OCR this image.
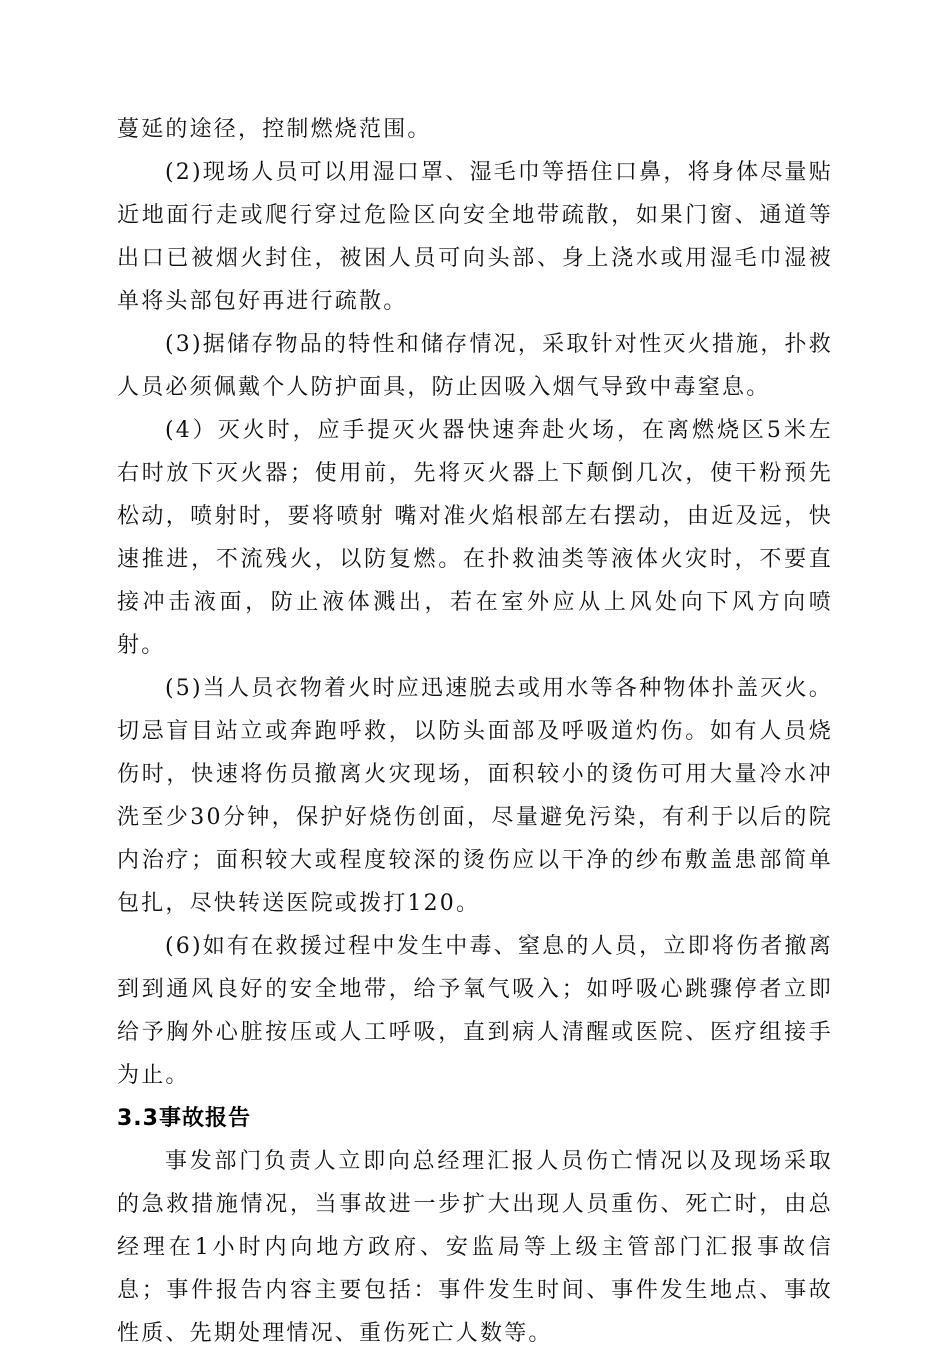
蔓延的途径，控制燃烧范围。

(2)现场人员可以用湿口罩、湿毛巾等捂住口鼻，将身体尽量贴近地面行走或爬行穿过危险区向安全地带疏散，如果门窗、通道等出口已被烟火封住，被困人员可向头部、身上浇水或用湿毛巾湿被单将头部包好再进行疏散。

(3)据储存物品的特性和储存情况，采取针对性灭火措施，扑救人员必须佩戴个人防护面具，防止因吸入烟气导致中毒窒息。

(4）灭火时，应手提灭火器快速奔赴火场，在离燃烧区5米左右时放下灭火器；使用前，先将灭火器上下颠倒几次，使干粉预先松动，喷射时，要将喷射 嘴对准火焰根部左右摆动，由近及远，快速推进，不流残火，以防复燃。在扑救油类等液体火灾时，不要直接冲击液面，防止液体溅出，若在室外应从上风处向下风方向喷射。

(5)当人员衣物着火时应迅速脱去或用水等各种物体扑盖灭火。切忌盲目站立或奔跑呼救，以防头面部及呼吸道灼伤。如有人员烧伤时，快速将伤员撤离火灾现场，面积较小的烫伤可用大量冷水冲洗至少30分钟，保护好烧伤创面，尽量避免污染，有利于以后的院内治疗；面积较大或程度较深的烫伤应以干净的纱布敷盖患部简单包扎，尽快转送医院或拨打120。

(6)如有在救援过程中发生中毒、窒息的人员，立即将伤者撤离到到通风良好的安全地带，给予氧气吸入；如呼吸心跳骤停者立即给予胸外心脏按压或人工呼吸，直到病人清醒或医院、医疗组接手为止。

3.3事故报告

事发部门负责人立即向总经理汇报人员伤亡情况以及现场采取的急救措施情况，当事故进一步扩大出现人员重伤、死亡时，由总经理在1小时内向地方政府、安监局等上级主管部门汇报事故信息；事件报告内容主要包括：事件发生时间、事件发生地点、事故性质、先期处理情况、重伤死亡人数等。
